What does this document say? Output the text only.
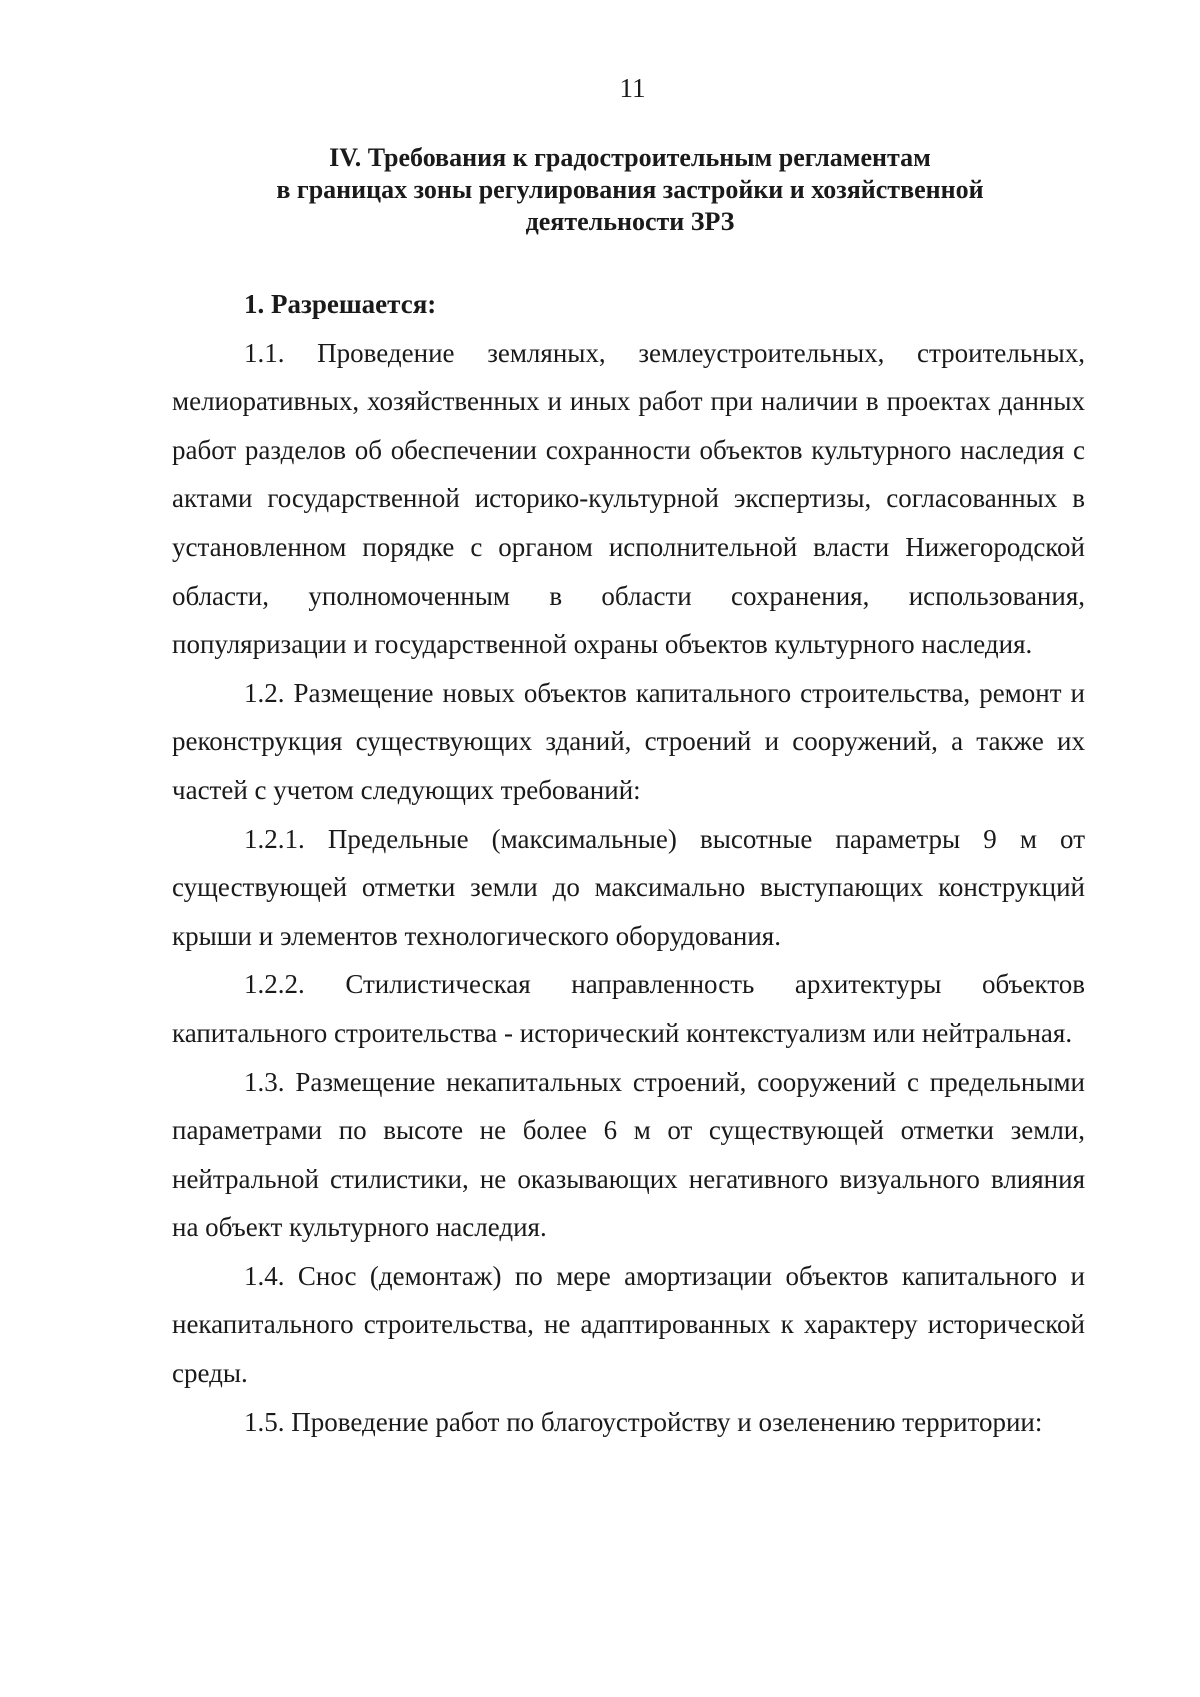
11
IV. Требования к градостроительным регламентам
в границах зоны регулирования застройки и хозяйственной
деятельности ЗРЗ

1. Разрешается:

1.1. Проведение земляных, землеустроительных, строительных, мелиоративных, хозяйственных и иных работ при наличии в проектах данных работ разделов об обеспечении сохранности объектов культурного наследия с актами государственной историко-культурной экспертизы, согласованных в установленном порядке с органом исполнительной власти Нижегородской области, уполномоченным в области сохранения, использования, популяризации и государственной охраны объектов культурного наследия.

1.2. Размещение новых объектов капитального строительства, ремонт и реконструкция существующих зданий, строений и сооружений, а также их частей с учетом следующих требований:

1.2.1. Предельные (максимальные) высотные параметры 9 м от существующей отметки земли до максимально выступающих конструкций крыши и элементов технологического оборудования.

1.2.2. Стилистическая направленность архитектуры объектов капитального строительства - исторический контекстуализм или нейтральная.

1.3. Размещение некапитальных строений, сооружений с предельными параметрами по высоте не более 6 м от существующей отметки земли, нейтральной стилистики, не оказывающих негативного визуального влияния на объект культурного наследия.

1.4. Снос (демонтаж) по мере амортизации объектов капитального и некапитального строительства, не адаптированных к характеру исторической среды.

1.5. Проведение работ по благоустройству и озеленению территории:
